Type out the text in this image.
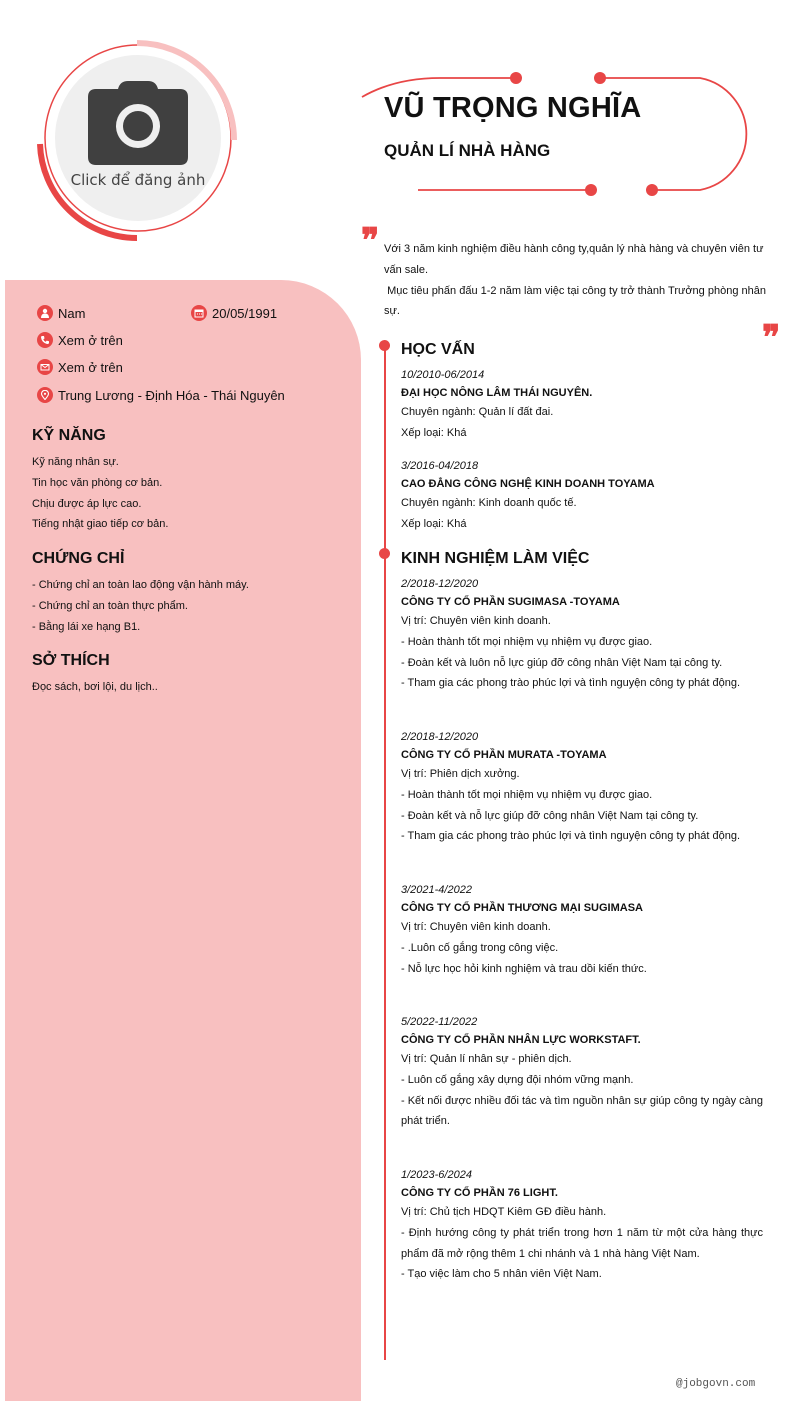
Click để đăng ảnh
VŨ TRỌNG NGHĨA
QUẢN LÍ NHÀ HÀNG
❞ Với 3 năm kinh nghiệm điều hành công ty,quản lý nhà hàng và chuyên viên tư vấn sale.
Mục tiêu phấn đấu 1-2 năm làm việc tại công ty trở thành Trưởng phòng nhân sự.
❞
Nam	20/05/1991
Xem ở trên
Xem ở trên
Trung Lương - Định Hóa - Thái Nguyên
KỸ NĂNG
Kỹ năng nhân sự.
Tin học văn phòng cơ bản.
Chịu được áp lực cao.
Tiếng nhật giao tiếp cơ bản.
CHỨNG CHỈ
- Chứng chỉ an toàn lao động vận hành máy.
- Chứng chỉ an toàn thực phẩm.
- Bằng lái xe hạng B1.
SỞ THÍCH
Đọc sách, bơi lội, du lịch..
HỌC VẤN
10/2010-06/2014
ĐẠI HỌC NÔNG LÂM THÁI NGUYÊN.
Chuyên ngành: Quản lí đất đai.
Xếp loại: Khá
3/2016-04/2018
CAO ĐẲNG CÔNG NGHỆ KINH DOANH TOYAMA
Chuyên ngành: Kinh doanh quốc tế.
Xếp loại: Khá
KINH NGHIỆM LÀM VIỆC
2/2018-12/2020
CÔNG TY CỔ PHẦN SUGIMASA -TOYAMA
Vị trí: Chuyên viên kinh doanh.
- Hoàn thành tốt mọi nhiệm vụ nhiệm vụ được giao.
- Đoàn kết và luôn nỗ lực giúp đỡ công nhân Việt Nam tại công ty.
- Tham gia các phong trào phúc lợi và tình nguyện công ty phát động.
2/2018-12/2020
CÔNG TY CỔ PHẦN MURATA -TOYAMA
Vị trí: Phiên dịch xưởng.
- Hoàn thành tốt mọi nhiệm vụ nhiệm vụ được giao.
- Đoàn kết và nỗ lực giúp đỡ công nhân Việt Nam tại công ty.
- Tham gia các phong trào phúc lợi và tình nguyện công ty phát động.
3/2021-4/2022
CÔNG TY CỔ PHẦN THƯƠNG MẠI SUGIMASA
Vị trí: Chuyên viên kinh doanh.
- .Luôn cố gắng trong công việc.
- Nỗ lực học hỏi kinh nghiệm và trau dồi kiến thức.
5/2022-11/2022
CÔNG TY CỔ PHẦN NHÂN LỰC WORKSTAFT.
Vị trí: Quản lí nhân sự - phiên dịch.
- Luôn cố gắng xây dựng đội nhóm vững mạnh.
- Kết nối được nhiều đối tác và tìm nguồn nhân sự giúp công ty ngày càng phát triển.
1/2023-6/2024
CÔNG TY CỔ PHẦN 76 LIGHT.
Vị trí: Chủ tịch HDQT Kiêm GĐ điều hành.
- Định hướng công ty phát triển trong hơn 1 năm từ một cửa hàng thực phẩm đã mở rộng thêm 1 chi nhánh và 1 nhà hàng Việt Nam.
- Tạo việc làm cho 5 nhân viên Việt Nam.
@jobgovn.com
